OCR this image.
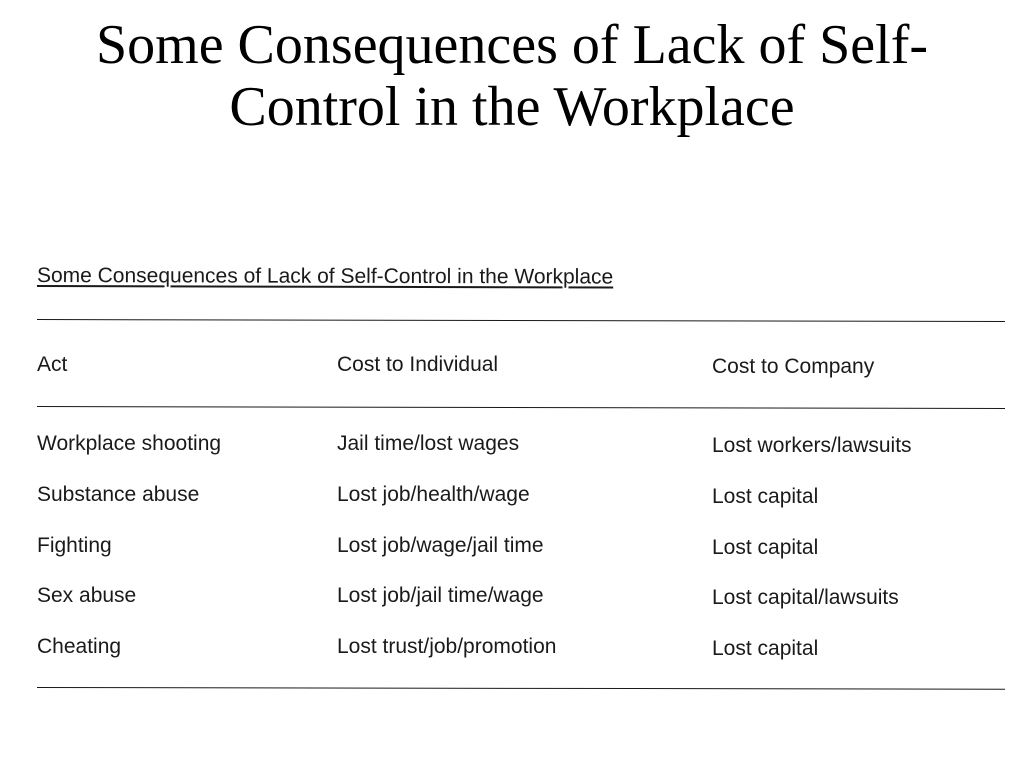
Some Consequences of Lack of Self-
Control in the Workplace

Some Consequences of Lack of Self-Control in the Workplace

Act	Cost to Individual	Cost to Company
Workplace shooting	Jail time/lost wages	Lost workers/lawsuits
Substance abuse	Lost job/health/wage	Lost capital
Fighting	Lost job/wage/jail time	Lost capital
Sex abuse	Lost job/jail time/wage	Lost capital/lawsuits
Cheating	Lost trust/job/promotion	Lost capital
